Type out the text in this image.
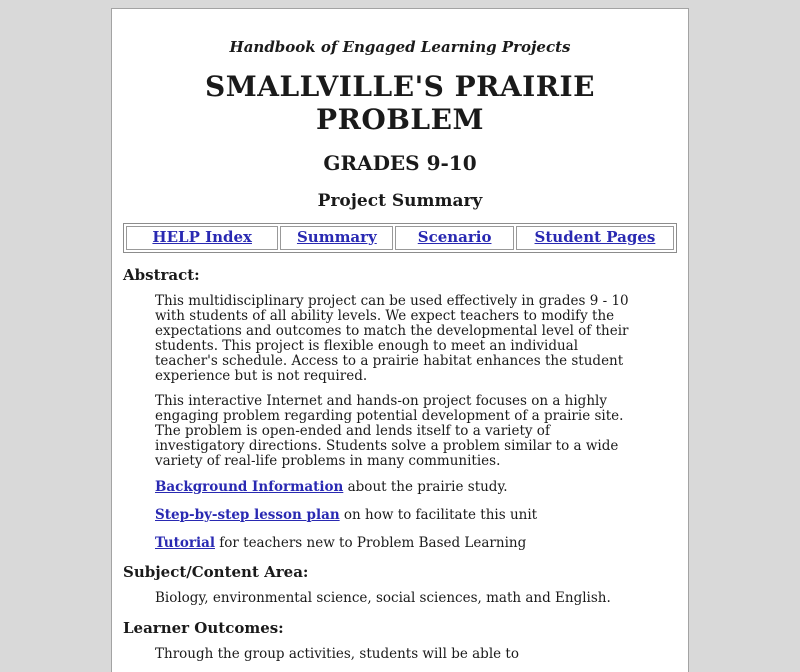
Handbook of Engaged Learning Projects

SMALLVILLE'S PRAIRIE PROBLEM
GRADES 9-10
Project Summary
HELP Index	Summary	Scenario	Student Pages

Abstract:

This multidisciplinary project can be used effectively in grades 9 - 10 with students of all ability levels. We expect teachers to modify the expectations and outcomes to match the developmental level of their students. This project is flexible enough to meet an individual teacher's schedule. Access to a prairie habitat enhances the student experience but is not required.

This interactive Internet and hands-on project focuses on a highly engaging problem regarding potential development of a prairie site. The problem is open-ended and lends itself to a variety of investigatory directions. Students solve a problem similar to a wide variety of real-life problems in many communities.

Background Information about the prairie study.

Step-by-step lesson plan on how to facilitate this unit

Tutorial for teachers new to Problem Based Learning

Subject/Content Area:

Biology, environmental science, social sciences, math and English.

Learner Outcomes:

Through the group activities, students will be able to
